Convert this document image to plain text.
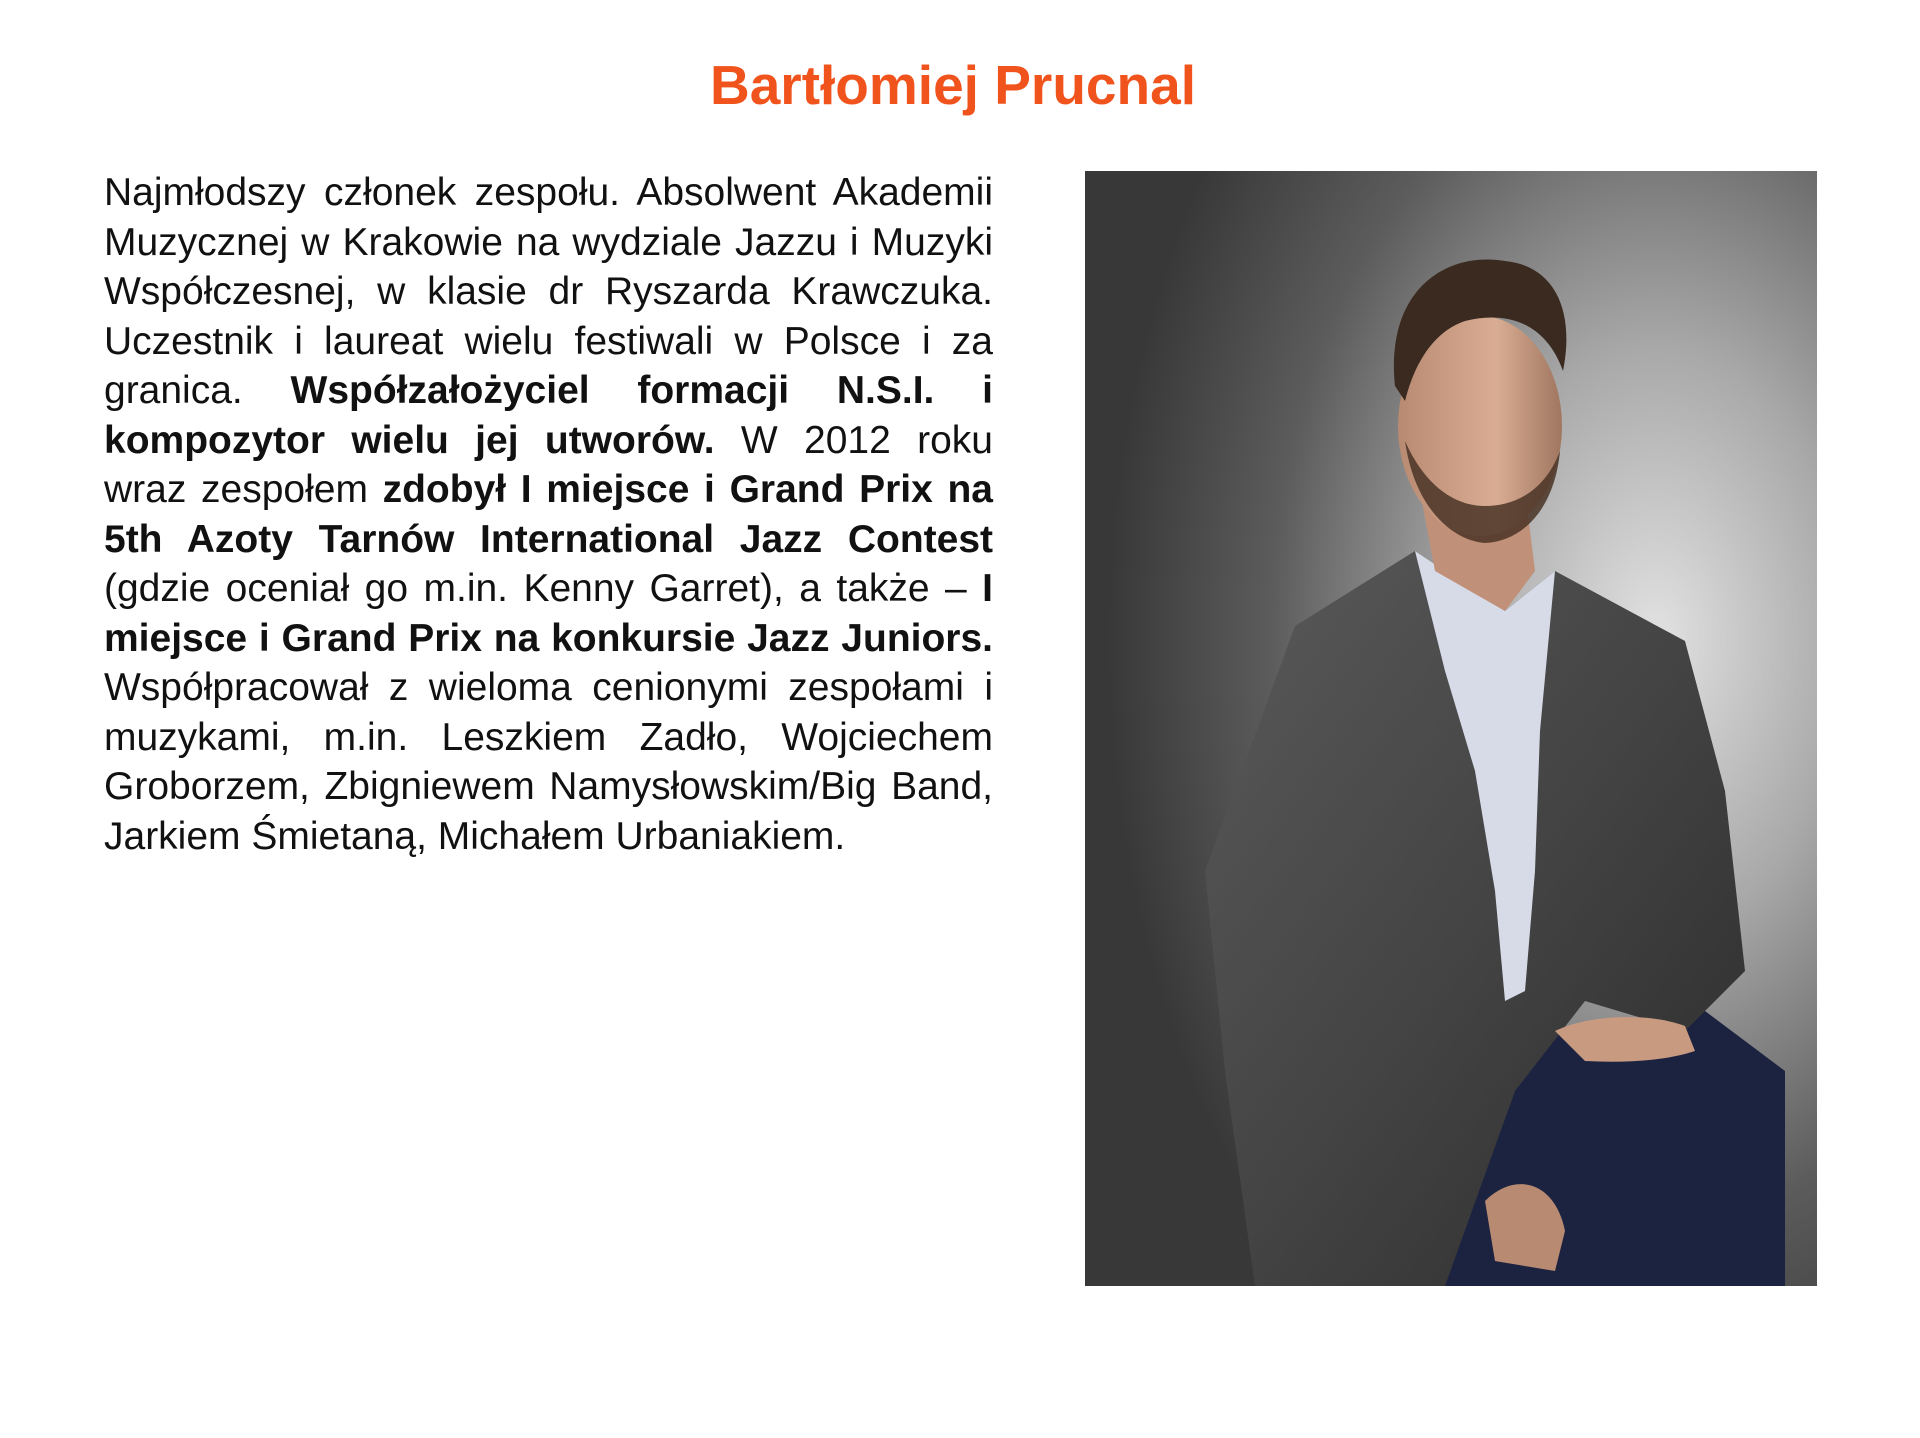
Bartłomiej Prucnal

Najmłodszy członek zespołu. Absolwent Akademii Muzycznej w Krakowie na wydziale Jazzu i Muzyki Współczesnej, w klasie dr Ryszarda Krawczuka. Uczestnik i laureat wielu festiwali w Polsce i za granica. Współzałożyciel formacji N.S.I. i kompozytor wielu jej utworów. W 2012 roku wraz zespołem zdobył I miejsce i Grand Prix na 5th Azoty Tarnów International Jazz Contest (gdzie oceniał go m.in. Kenny Garret), a także – I miejsce i Grand Prix na konkursie Jazz Juniors. Współpracował z wieloma cenionymi zespołami i muzykami, m.in. Leszkiem Zadło, Wojciechem Groborzem, Zbigniewem Namysłowskim/Big Band, Jarkiem Śmietaną, Michałem Urbaniakiem.
